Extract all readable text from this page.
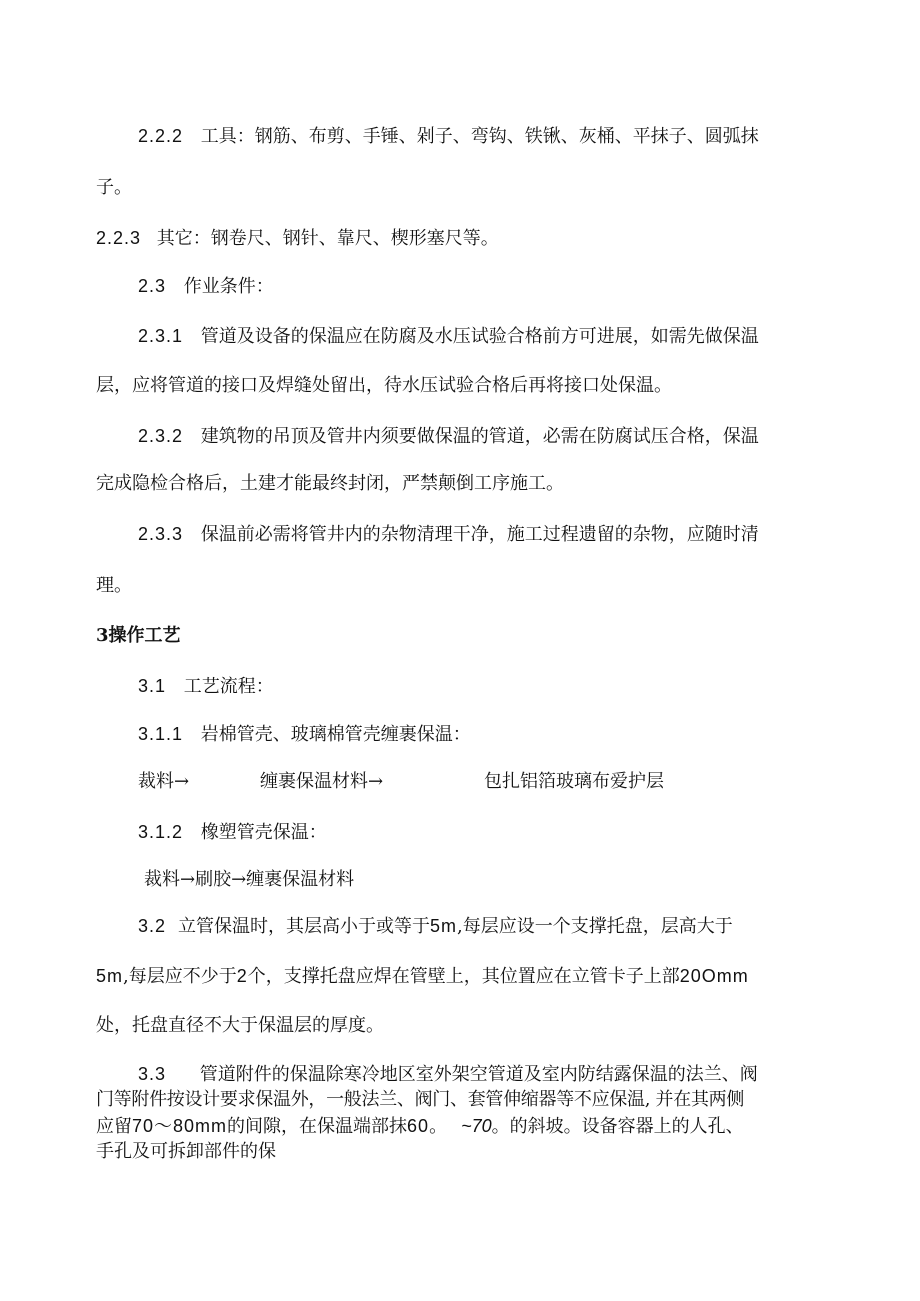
2.2.2 工具：钢筋、布剪、手锤、剁子、弯钩、铁锹、灰桶、平抹子、圆弧抹
子。
2.2.3 其它：钢卷尺、钢针、靠尺、楔形塞尺等。
2.3 作业条件：
2.3.1 管道及设备的保温应在防腐及水压试验合格前方可进展，如需先做保温
层，应将管道的接口及焊缝处留出，待水压试验合格后再将接口处保温。
2.3.2 建筑物的吊顶及管井内须要做保温的管道，必需在防腐试压合格，保温
完成隐检合格后，土建才能最终封闭，严禁颠倒工序施工。
2.3.3 保温前必需将管井内的杂物清理干净，施工过程遗留的杂物，应随时清
理。
3操作工艺
3.1 工艺流程：
3.1.1 岩棉管壳、玻璃棉管壳缠裹保温：
裁料→	缠裹保温材料→	包扎铝箔玻璃布爱护层
3.1.2 橡塑管壳保温：
裁料→刷胶→缠裹保温材料
3.2 立管保温时，其层高小于或等于5m,每层应设一个支撑托盘，层高大于
5m,每层应不少于2个，支撑托盘应焊在管壁上，其位置应在立管卡子上部20Omm
处，托盘直径不大于保温层的厚度。
3.3 管道附件的保温除寒冷地区室外架空管道及室内防结露保温的法兰、阀
门等附件按设计要求保温外，一般法兰、阀门、套管伸缩器等不应保温, 并在其两侧
应留70～80mm的间隙，在保温端部抹60。 ~70。的斜坡。设备容器上的人孔、
手孔及可拆卸部件的保
